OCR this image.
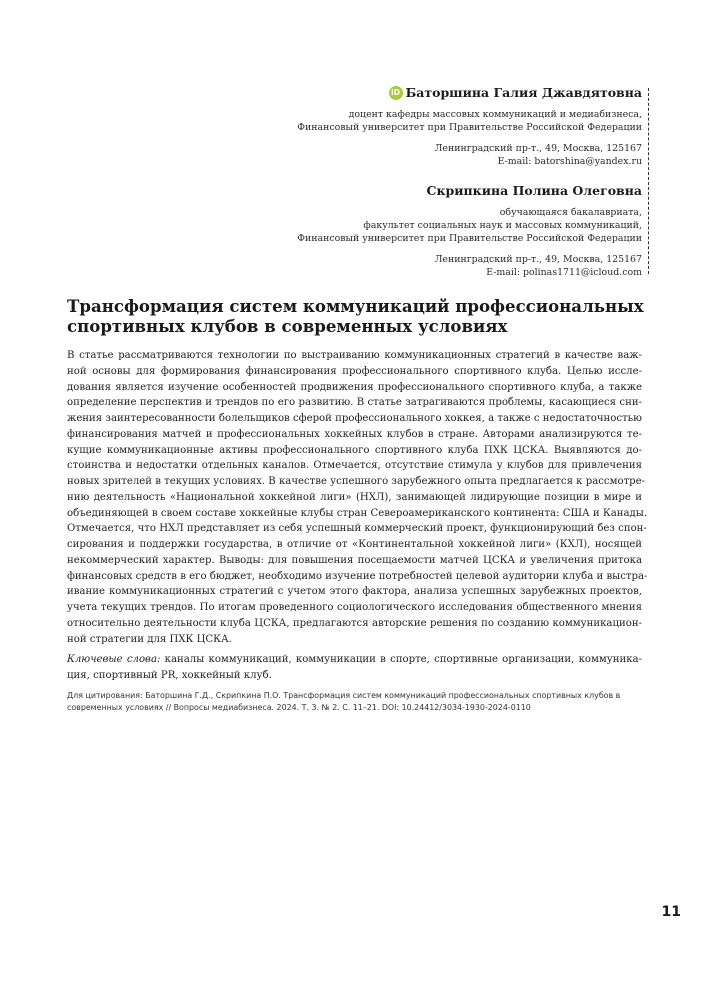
iD Баторшина Галия Джавдятовна
доцент кафедры массовых коммуникаций и медиабизнеса,
Финансовый университет при Правительстве Российской Федерации
Ленинградский пр-т., 49, Москва, 125167
E-mail: batorshina@yandex.ru
Скрипкина Полина Олеговна
обучающаяся бакалавриата,
факультет социальных наук и массовых коммуникаций,
Финансовый университет при Правительстве Российской Федерации
Ленинградский пр-т., 49, Москва, 125167
E-mail: polinas1711@icloud.com
Трансформация систем коммуникаций профессиональных
спортивных клубов в современных условиях
В статье рассматриваются технологии по выстраиванию коммуникационных стратегий в качестве важ-
ной основы для формирования финансирования профессионального спортивного клуба. Целью иссле-
дования является изучение особенностей продвижения профессионального спортивного клуба, а также
определение перспектив и трендов по его развитию. В статье затрагиваются проблемы, касающиеся сни-
жения заинтересованности болельщиков сферой профессионального хоккея, а также с недостаточностью
финансирования матчей и профессиональных хоккейных клубов в стране. Авторами анализируются те-
кущие коммуникационные активы профессионального спортивного клуба ПХК ЦСКА. Выявляются до-
стоинства и недостатки отдельных каналов. Отмечается, отсутствие стимула у клубов для привлечения
новых зрителей в текущих условиях. В качестве успешного зарубежного опыта предлагается к рассмотре-
нию деятельность «Национальной хоккейной лиги» (НХЛ), занимающей лидирующие позиции в мире и
объединяющей в своем составе хоккейные клубы стран Североамериканского континента: США и Канады.
Отмечается, что НХЛ представляет из себя успешный коммерческий проект, функционирующий без спон-
сирования и поддержки государства, в отличие от «Континентальной хоккейной лиги» (КХЛ), носящей
некоммерческий характер. Выводы: для повышения посещаемости матчей ЦСКА и увеличения притока
финансовых средств в его бюджет, необходимо изучение потребностей целевой аудитории клуба и выстра-
ивание коммуникационных стратегий с учетом этого фактора, анализа успешных зарубежных проектов,
учета текущих трендов. По итогам проведенного социологического исследования общественного мнения
относительно деятельности клуба ЦСКА, предлагаются авторские решения по созданию коммуникацион-
ной стратегии для ПХК ЦСКА.
Ключевые слова: каналы коммуникаций, коммуникации в спорте, спортивные организации, коммуника-
ция, спортивный PR, хоккейный клуб.
Для цитирования: Баторшина Г.Д., Скрипкина П.О. Трансформация систем коммуникаций профессиональных спортивных клубов в
современных условиях // Вопросы медиабизнеса. 2024. Т. 3. № 2. С. 11–21. DOI: 10.24412/3034-1930-2024-0110
11
